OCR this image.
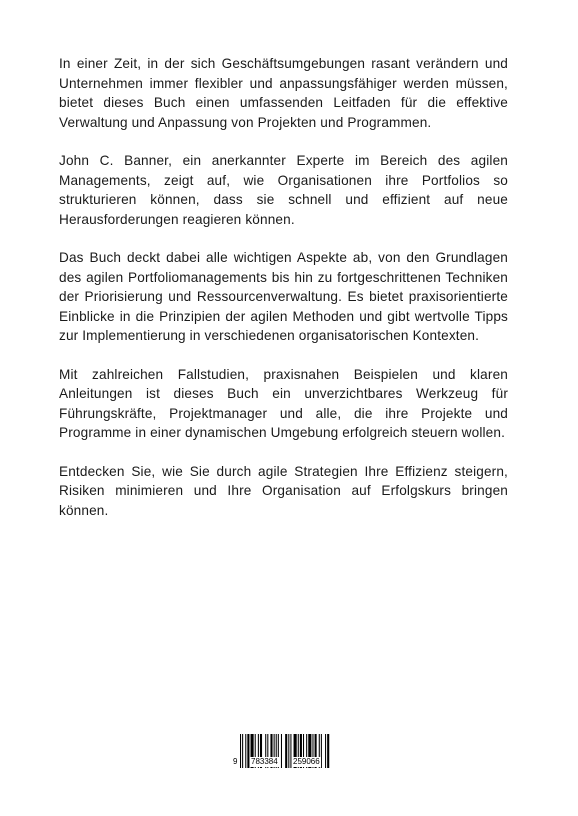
In einer Zeit, in der sich Geschäftsumgebungen rasant verändern und Unternehmen immer flexibler und anpassungsfähiger werden müssen, bietet dieses Buch einen umfassenden Leitfaden für die effektive Verwaltung und Anpassung von Projekten und Programmen.

John C. Banner, ein anerkannter Experte im Bereich des agilen Managements, zeigt auf, wie Organisationen ihre Portfolios so strukturieren können, dass sie schnell und effizient auf neue Herausforderungen reagieren können.

Das Buch deckt dabei alle wichtigen Aspekte ab, von den Grundlagen des agilen Portfoliomanagements bis hin zu fortgeschrittenen Techniken der Priorisierung und Ressourcenverwaltung. Es bietet praxisorientierte Einblicke in die Prinzipien der agilen Methoden und gibt wertvolle Tipps zur Implementierung in verschiedenen organisatorischen Kontexten.

Mit zahlreichen Fallstudien, praxisnahen Beispielen und klaren Anleitungen ist dieses Buch ein unverzichtbares Werkzeug für Führungskräfte, Projektmanager und alle, die ihre Projekte und Programme in einer dynamischen Umgebung erfolgreich steuern wollen.

Entdecken Sie, wie Sie durch agile Strategien Ihre Effizienz steigern, Risiken minimieren und Ihre Organisation auf Erfolgskurs bringen können.

9 783384 259066
